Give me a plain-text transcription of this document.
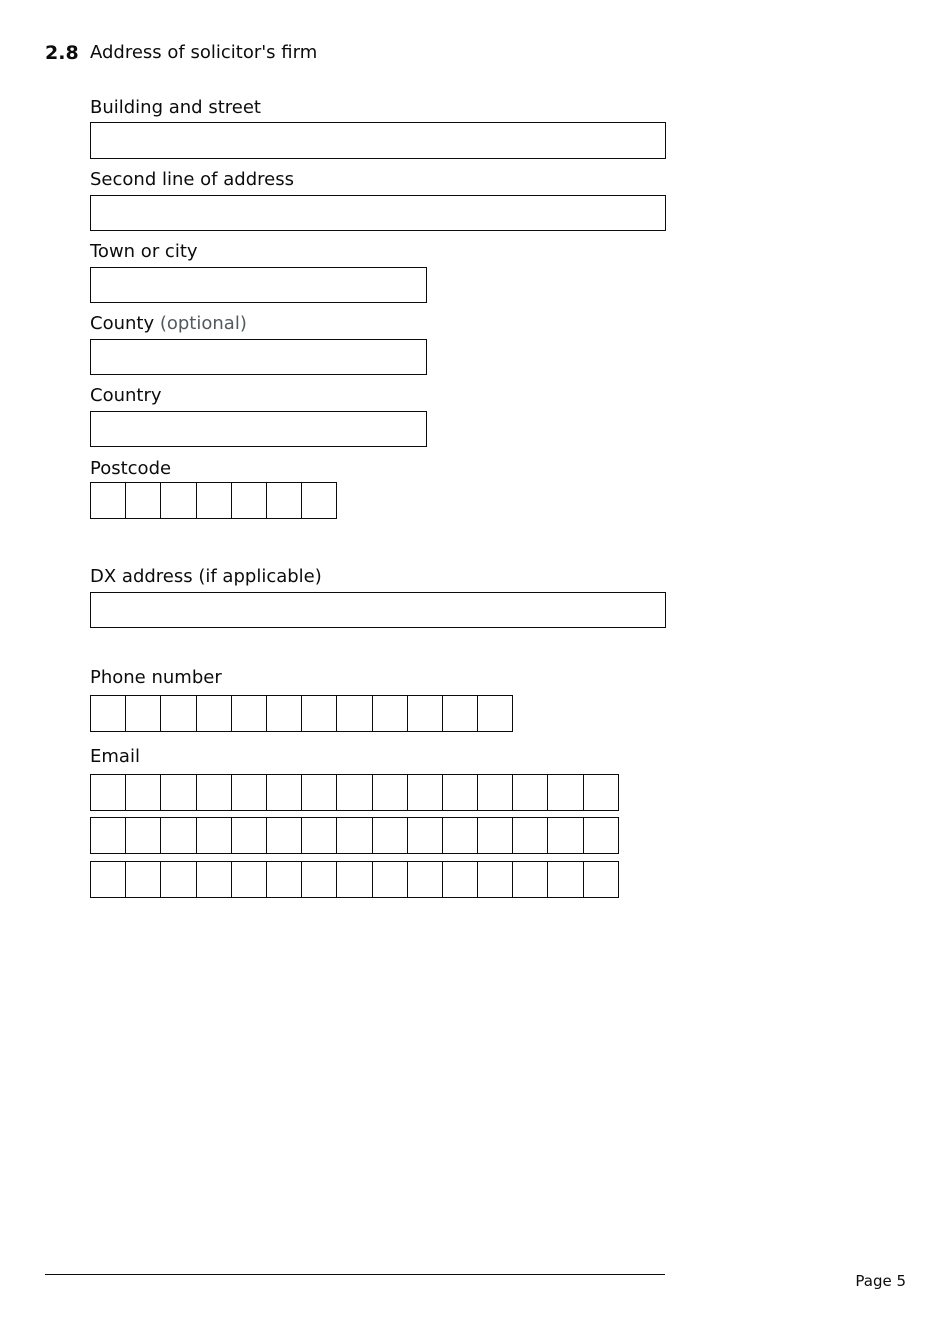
2.8 Address of solicitor's firm
Building and street
Second line of address
Town or city
County (optional)
Country
Postcode
DX address (if applicable)
Phone number
Email
Page 5
